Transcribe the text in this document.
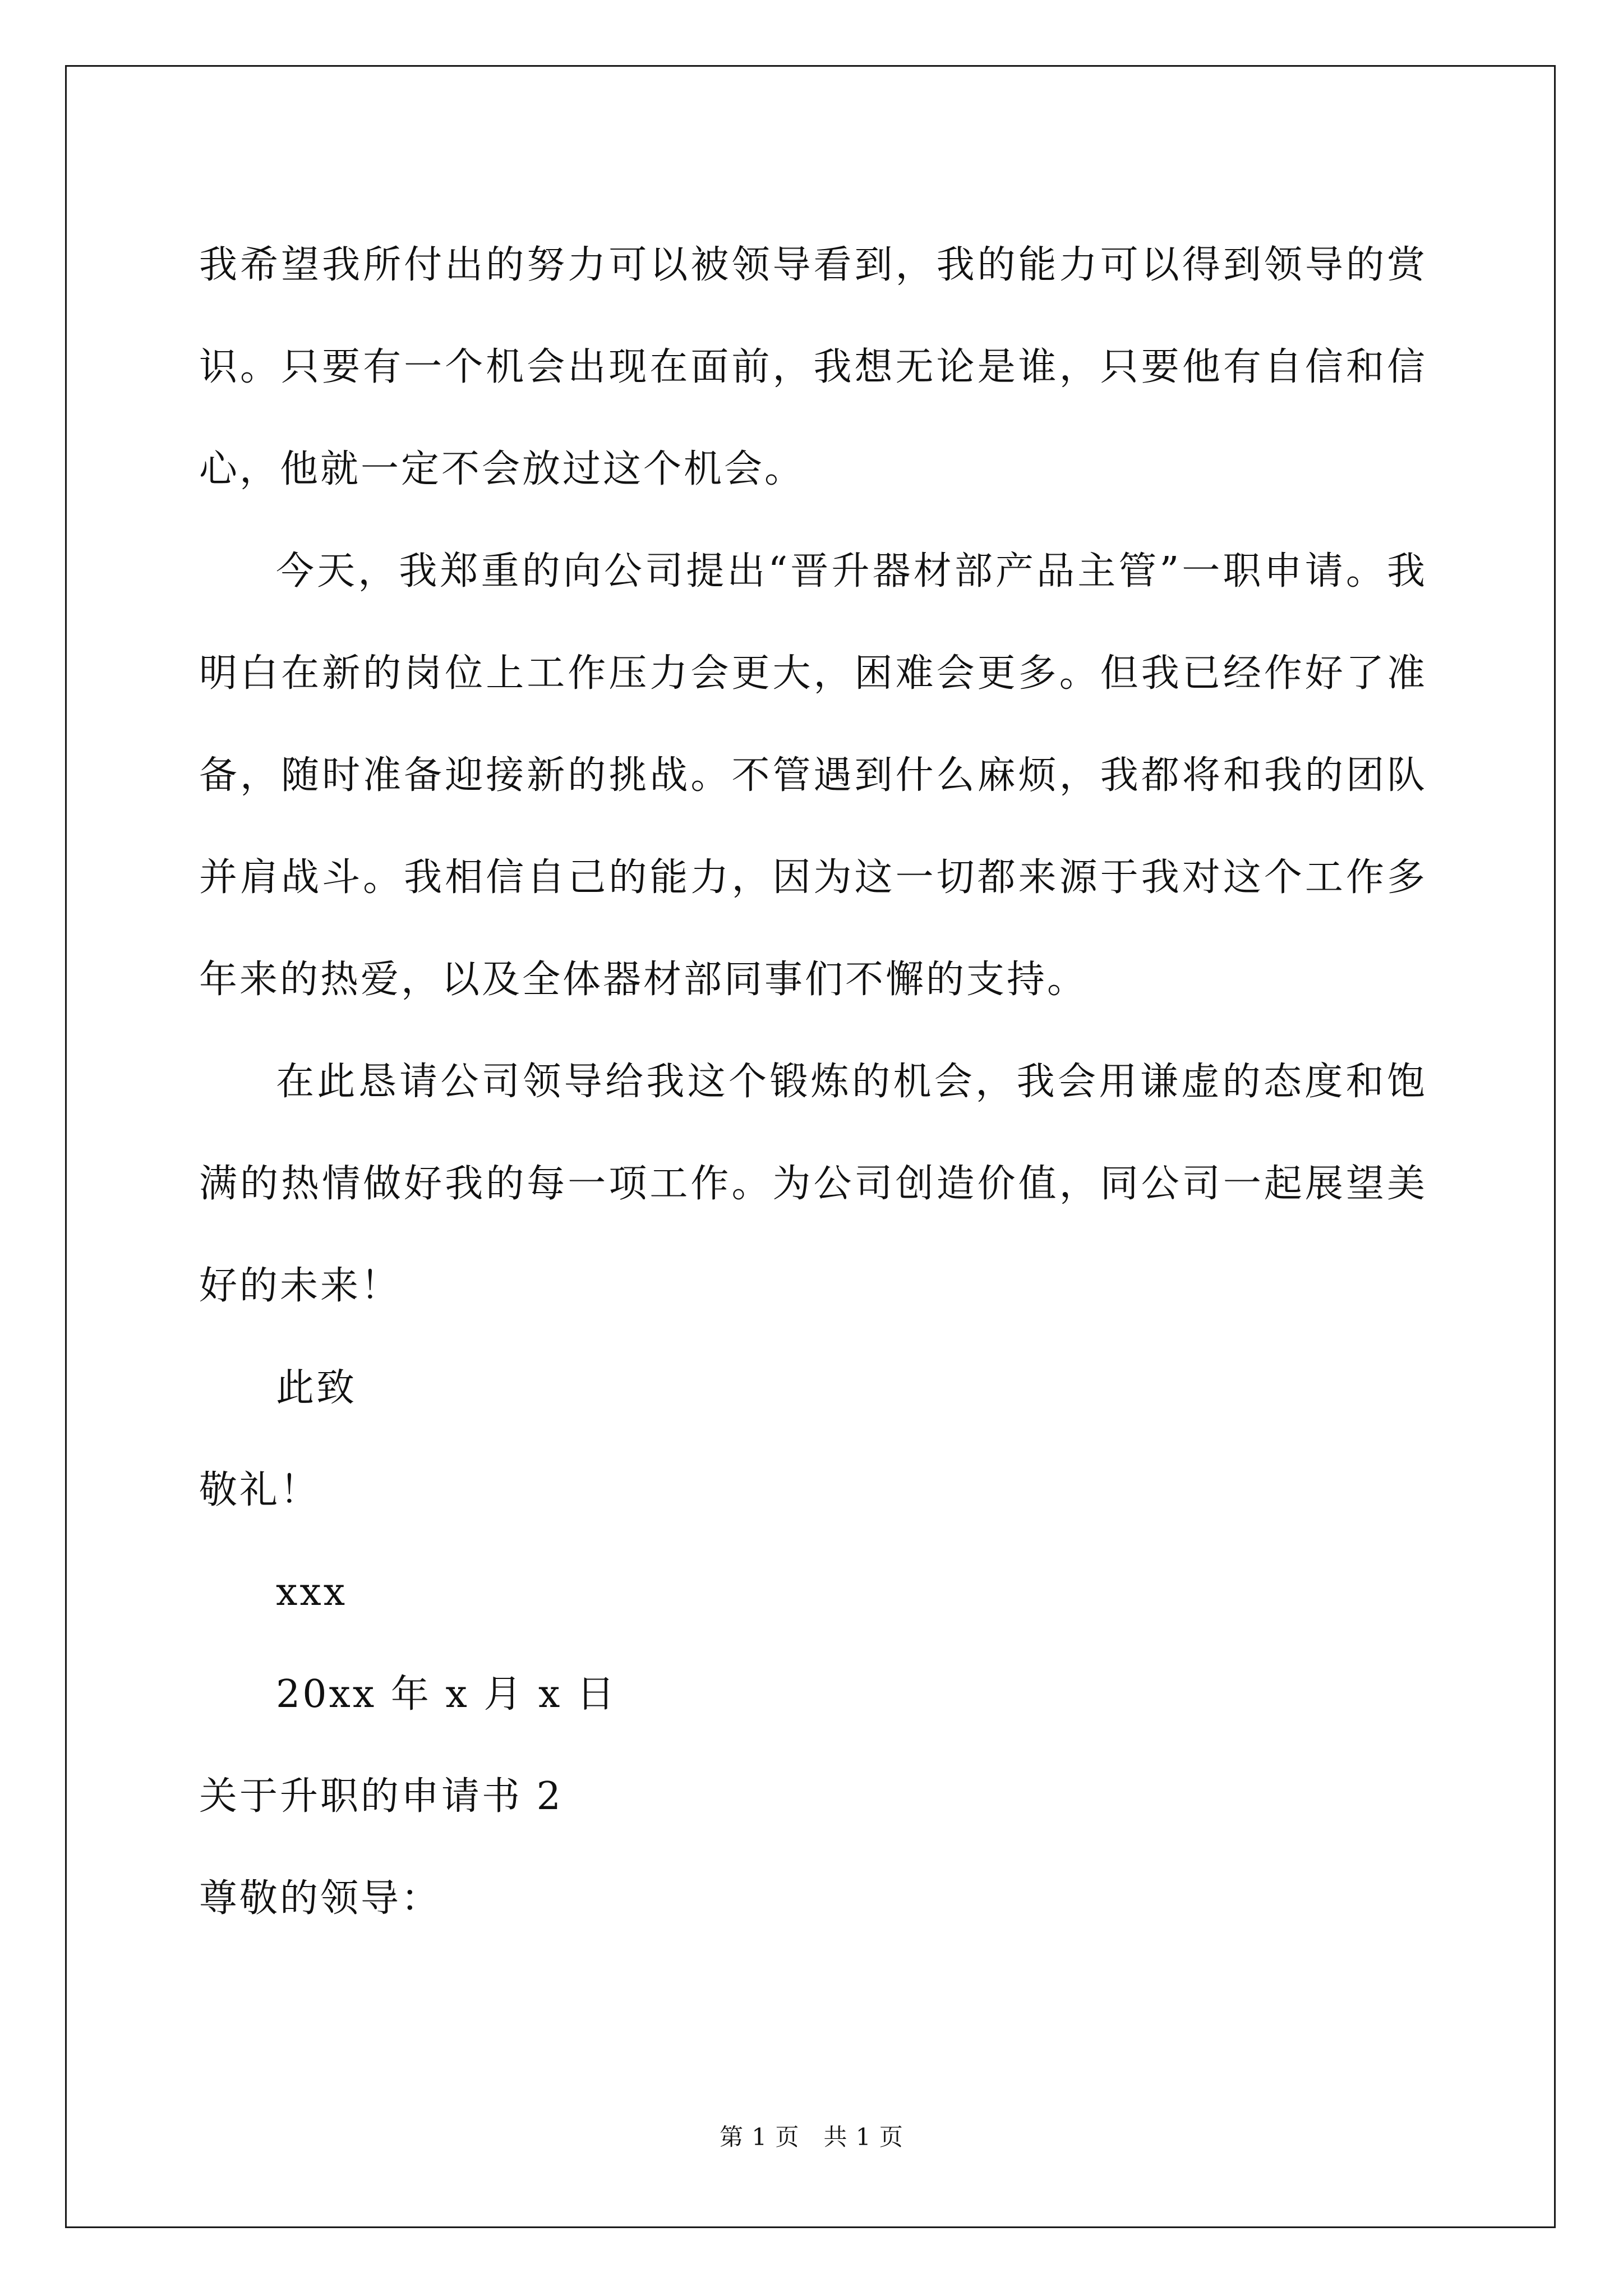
我希望我所付出的努力可以被领导看到，我的能力可以得到领导的赏识。只要有一个机会出现在面前，我想无论是谁，只要他有自信和信心，他就一定不会放过这个机会。

今天，我郑重的向公司提出“晋升器材部产品主管”一职申请。我明白在新的岗位上工作压力会更大，困难会更多。但我已经作好了准备，随时准备迎接新的挑战。不管遇到什么麻烦，我都将和我的团队并肩战斗。我相信自己的能力，因为这一切都来源于我对这个工作多年来的热爱，以及全体器材部同事们不懈的支持。

在此恳请公司领导给我这个锻炼的机会，我会用谦虚的态度和饱满的热情做好我的每一项工作。为公司创造价值，同公司一起展望美好的未来！

此致

敬礼！

xxx

20xx 年 x 月 x 日

关于升职的申请书 2

尊敬的领导：

第 1 页　共 1 页
